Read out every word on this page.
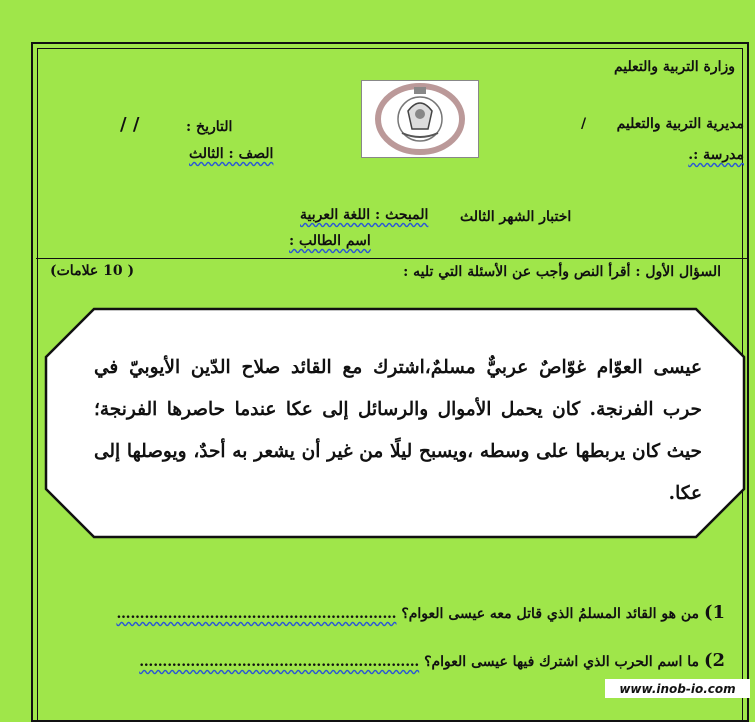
وزارة التربية والتعليم
مديرية التربية والتعليم
/
مدرسة :.
التاريخ :
/ /
الصف : الثالث
اختبار الشهر الثالث
المبحث : اللغة العربية
اسم الطالب :
السؤال الأول : أقرأ النص وأجب عن الأسئلة التي تليه :
( 10 علامات)
عيسى العوّام غوّاصٌ عربيٌّ مسلمٌ،اشترك مع القائد صلاح الدّين الأيوبيّ في حرب الفرنجة. كان يحمل الأموال والرسائل إلى عكا عندما حاصرها الفرنجة؛حيث كان يربطها على وسطه ،ويسبح ليلًا من غير أن يشعر به أحدٌ، ويوصلها إلى عكا.
1) من هو القائد المسلمُ الذي قاتل معه عيسى العوام؟ ……………………………………………………
2) ما اسم الحرب الذي اشترك فيها عيسى العوام؟ ……………………………………………………
www.inob-io.com
